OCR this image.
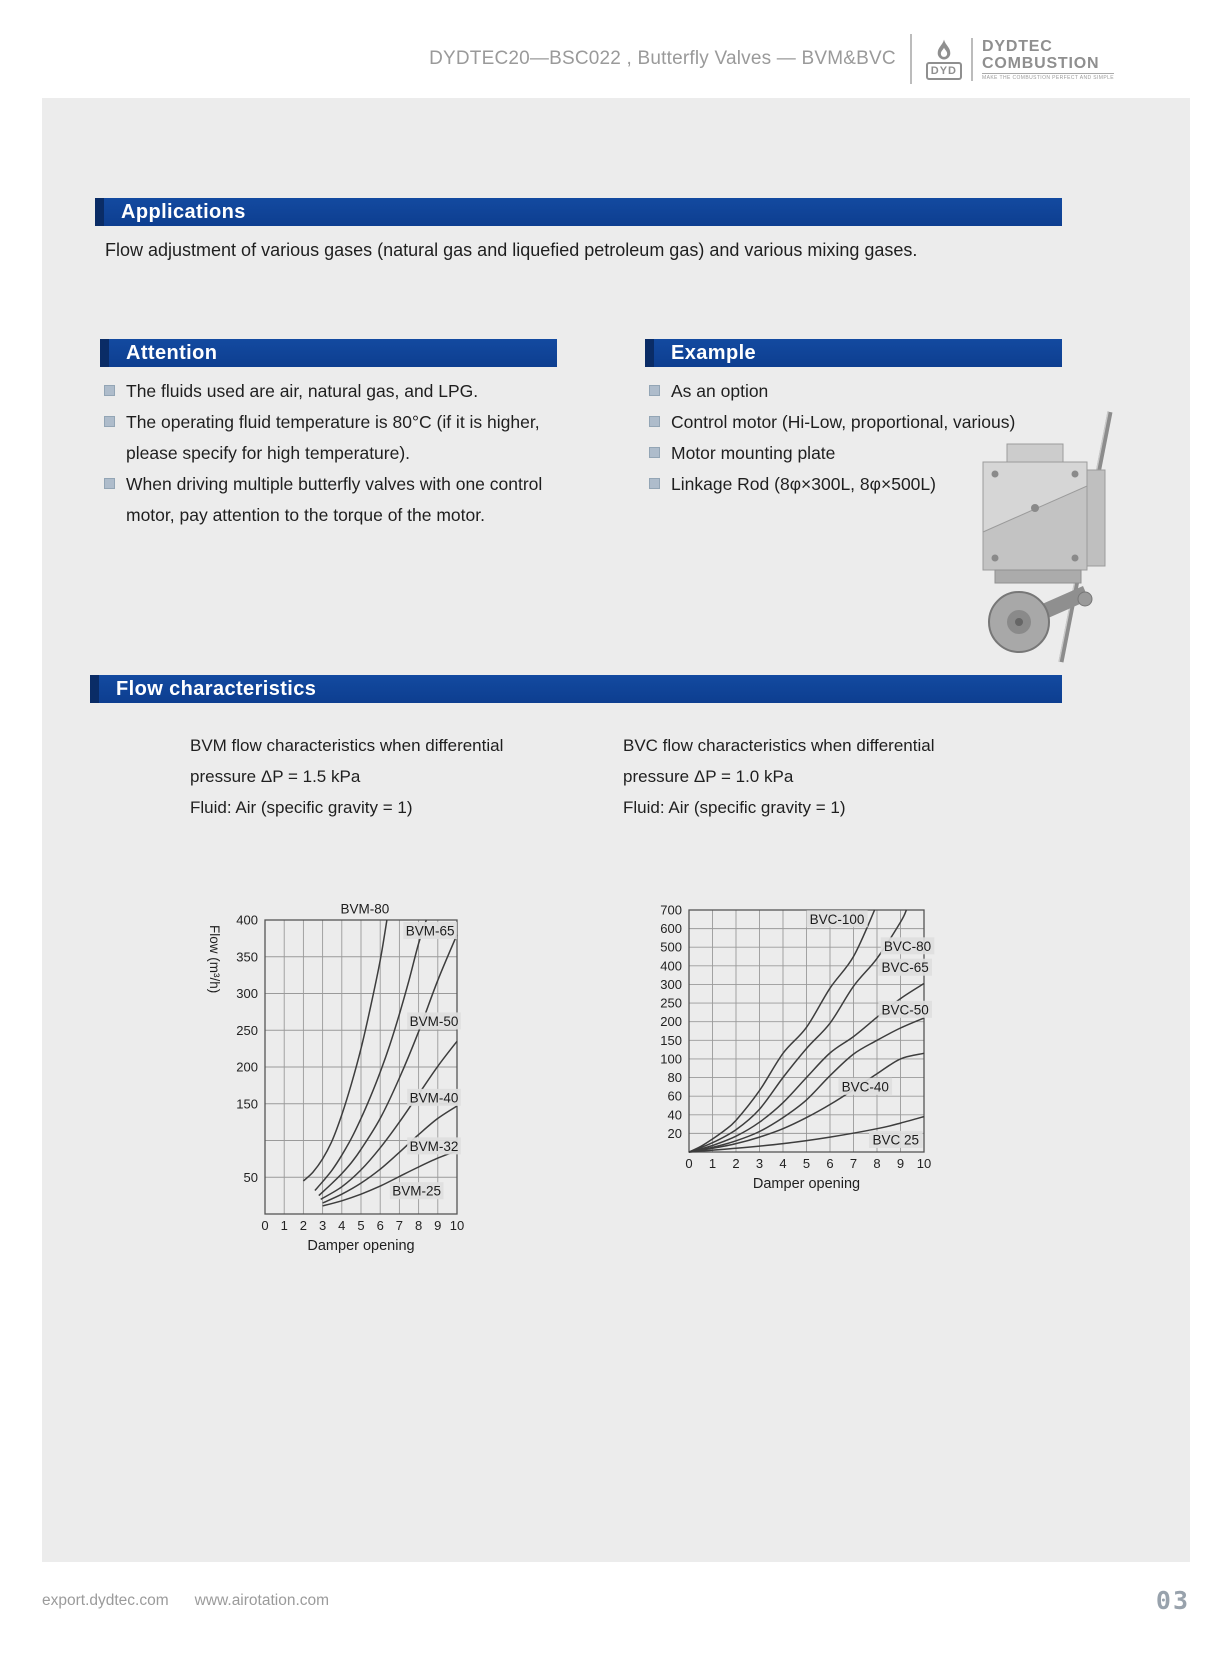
DYDTEC20—BSC022 , Butterfly Valves — BVM&BVC
DYD
DYDTEC
COMBUSTION
MAKE THE COMBUSTION PERFECT AND SIMPLE
Applications
Flow adjustment of various gases (natural gas and liquefied petroleum gas) and various mixing gases.
Attention	Example
The fluids used are air, natural gas, and LPG.
The operating fluid temperature is 80°C (if it is higher, please specify for high temperature).
When driving multiple butterfly valves with one control motor, pay attention to the torque of the motor.
As an option
Control motor (Hi-Low, proportional, various)
Motor mounting plate
Linkage Rod (8φ×300L, 8φ×500L)
Flow characteristics
BVM flow characteristics when differential
pressure ΔP = 1.5 kPa
Fluid: Air (specific gravity = 1)
BVC flow characteristics when differential
pressure ΔP = 1.0 kPa
Fluid: Air (specific gravity = 1)
50
150
200
250
300
350
400
0 1 2 3 4 5 6 7 8 9 10
Damper opening
Flow (m³/h)
BVM-80
BVM-65
BVM-50
BVM-40
BVM-32
BVM-25
20
40
60
80
100
150
200
250
300
400
500
600
700
0 1 2 3 4 5 6 7 8 9 10
Damper opening
BVC-100
BVC-80
BVC-65
BVC-50
BVC-40
BVC 25
export.dydtec.com www.airotation.com	03
